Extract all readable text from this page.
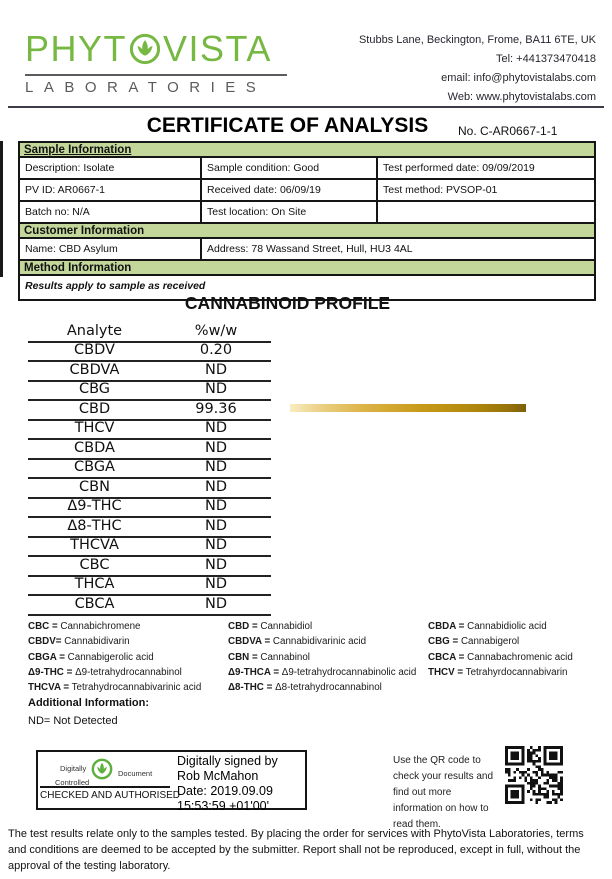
PHYT VISTA
LABORATORIES
Stubbs Lane, Beckington, Frome, BA11 6TE, UK
Tel: +441373470418
email: info@phytovistalabs.com
Web: www.phytovistalabs.com
CERTIFICATE OF ANALYSIS	No. C-AR0667-1-1
Sample Information		
Description: Isolate	Sample condition: Good	Test performed date: 09/09/2019
PV ID: AR0667-1	Received date: 06/09/19	Test method: PVSOP-01
Batch no: N/A	Test location: On Site	
Customer Information		
Name: CBD Asylum	Address: 78 Wassand Street, Hull, HU3 4AL	
Method Information		

Results apply to sample as received
CANNABINOID PROFILE
Analyte	%w/w
CBDV	0.20
CBDVA	ND
CBG	ND
CBD	99.36
THCV	ND
CBDA	ND
CBGA	ND
CBN	ND
Δ9-THC	ND
Δ8-THC	ND
THCVA	ND
CBC	ND
THCA	ND
CBCA	ND
CBC = Cannabichromene
CBDV= Cannabidivarin
CBGA = Cannabigerolic acid
Δ9-THC = Δ9-tetrahydrocannabinol
THCVA = Tetrahydrocannabivarinic acid
CBD = Cannabidiol
CBDVA = Cannabidivarinic acid
CBN = Cannabinol
Δ9-THCA = Δ9-tetrahydrocannabinolic acid
Δ8-THC = Δ8-tetrahydrocannabinol
CBDA = Cannabidiolic acid
CBG = Cannabigerol
CBCA = Cannabachromenic acid
THCV = Tetrahyrdocannabivarin
Additional Information:
ND= Not Detected
Digitally
Controlled
Document
CHECKED AND AUTHORISED
Digitally signed by Rob McMahon
Date: 2019.09.09 15:53:59 +01'00'
Use the QR code to check your results and find out more information on how to read them.
The test results relate only to the samples tested. By placing the order for services with PhytoVista Laboratories, terms and conditions are deemed to be accepted by the submitter. Report shall not be reproduced, except in full, without the approval of the testing laboratory.
